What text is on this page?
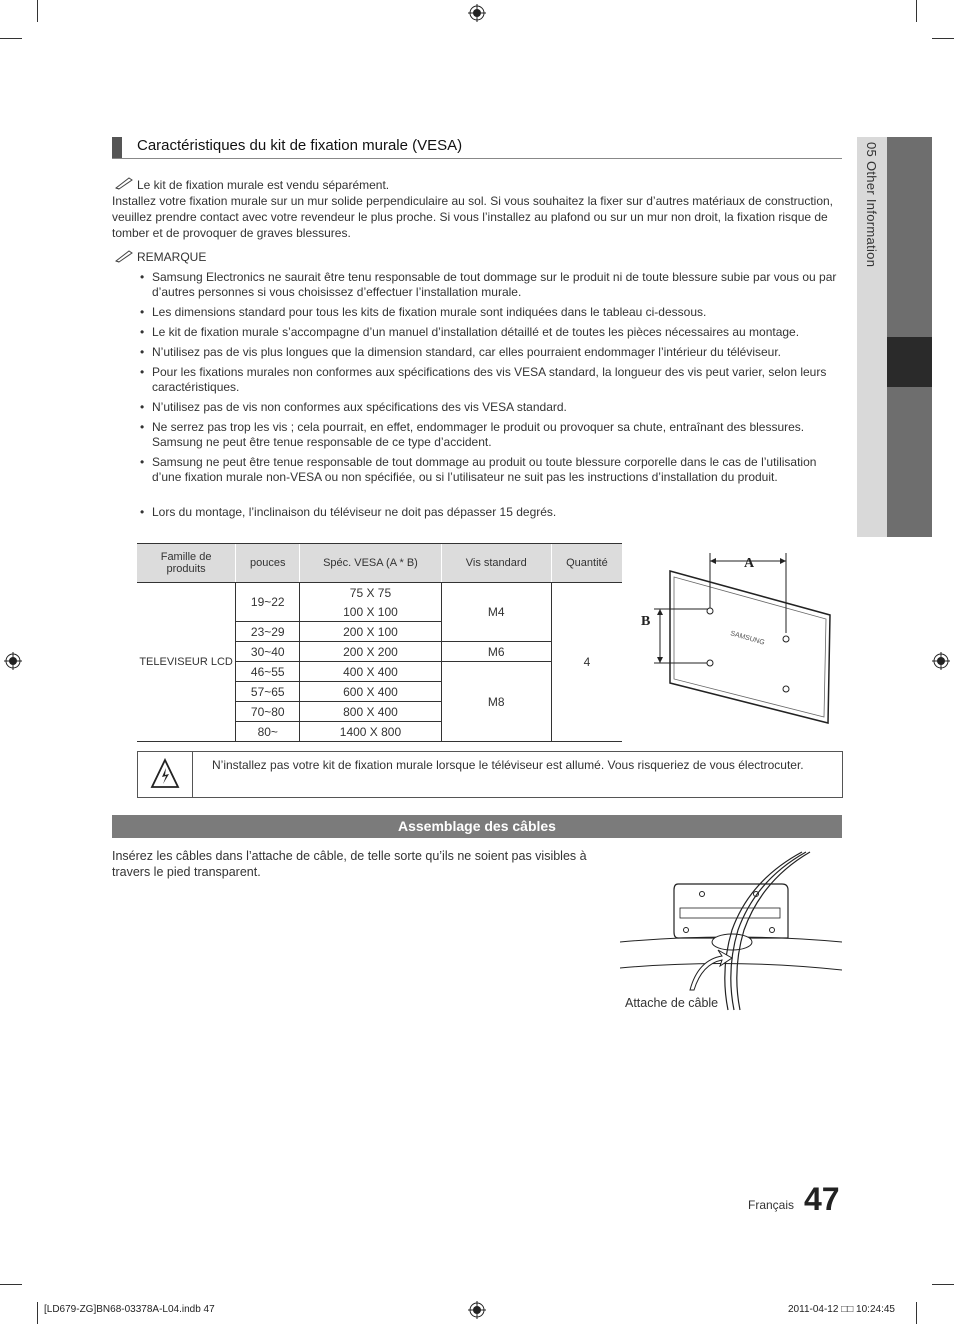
05 Other Information
Caractéristiques du kit de fixation murale (VESA)
Le kit de fixation murale est vendu séparément.
Installez votre fixation murale sur un mur solide perpendiculaire au sol. Si vous souhaitez la fixer sur d’autres matériaux de construction, veuillez prendre contact avec votre revendeur le plus proche. Si vous l’installez au plafond ou sur un mur non droit, la fixation risque de tomber et de provoquer de graves blessures.
REMARQUE
• Samsung Electronics ne saurait être tenu responsable de tout dommage sur le produit ni de toute blessure subie par vous ou par d’autres personnes si vous choisissez d’effectuer l’installation murale.
• Les dimensions standard pour tous les kits de fixation murale sont indiquées dans le tableau ci-dessous.
• Le kit de fixation murale s’accompagne d’un manuel d’installation détaillé et de toutes les pièces nécessaires au montage.
• N’utilisez pas de vis plus longues que la dimension standard, car elles pourraient endommager l’intérieur du téléviseur.
• Pour les fixations murales non conformes aux spécifications des vis VESA standard, la longueur des vis peut varier, selon leurs caractéristiques.
• N’utilisez pas de vis non conformes aux spécifications des vis VESA standard.
• Ne serrez pas trop les vis ; cela pourrait, en effet, endommager le produit ou provoquer sa chute, entraînant des blessures. Samsung ne peut être tenue responsable de ce type d’accident.
• Samsung ne peut être tenue responsable de tout dommage au produit ou toute blessure corporelle dans le cas de l’utilisation d’une fixation murale non-VESA ou non spécifiée, ou si l’utilisateur ne suit pas les instructions d’installation du produit.
• Lors du montage, l’inclinaison du téléviseur ne doit pas dépasser 15 degrés.
Famille de produits	pouces	Spéc. VESA (A * B)	Vis standard	Quantité
TELEVISEUR LCD	19~22	75 X 75	M4	4
		100 X 100		
	23~29	200 X 100		
	30~40	200 X 200	M6	
	46~55	400 X 400	M8	
	57~65	600 X 400		
	70~80	800 X 400		
	80~	1400 X 800		
A
B
SAMSUNG
N’installez pas votre kit de fixation murale lorsque le téléviseur est allumé. Vous risqueriez de vous électrocuter.
Assemblage des câbles
Insérez les câbles dans l’attache de câble, de telle sorte qu’ils ne soient pas visibles à travers le pied transparent.
Attache de câble
Français 47
[LD679-ZG]BN68-03378A-L04.indb 47	2011-04-12 □□ 10:24:45
